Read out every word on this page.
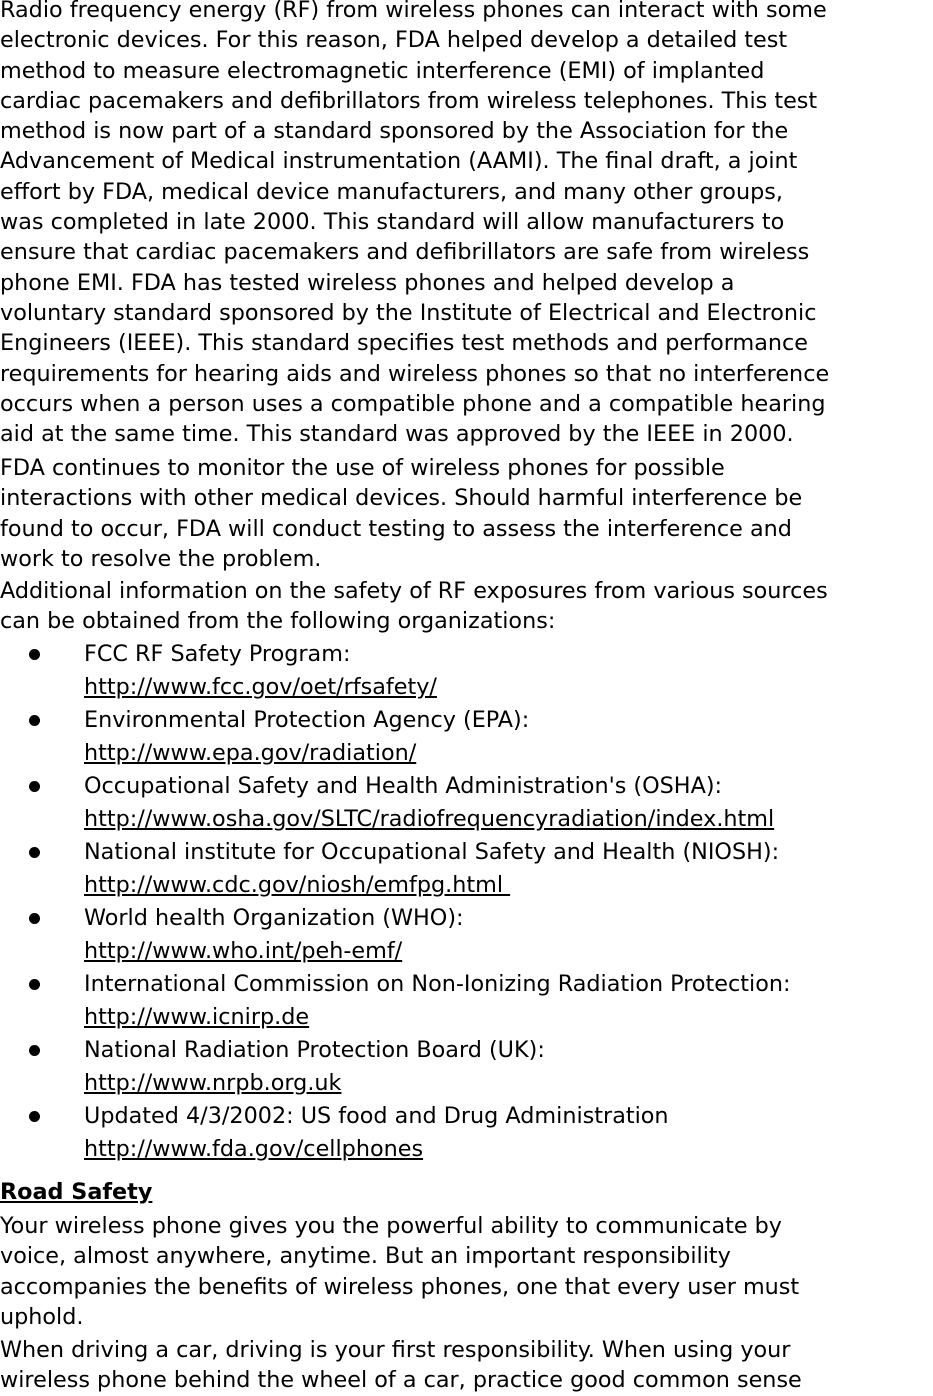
Radio frequency energy (RF) from wireless phones can interact with some
electronic devices. For this reason, FDA helped develop a detailed test
method to measure electromagnetic interference (EMI) of implanted
cardiac pacemakers and defibrillators from wireless telephones. This test
method is now part of a standard sponsored by the Association for the
Advancement of Medical instrumentation (AAMI). The final draft, a joint
effort by FDA, medical device manufacturers, and many other groups,
was completed in late 2000. This standard will allow manufacturers to
ensure that cardiac pacemakers and defibrillators are safe from wireless
phone EMI. FDA has tested wireless phones and helped develop a
voluntary standard sponsored by the Institute of Electrical and Electronic
Engineers (IEEE). This standard specifies test methods and performance
requirements for hearing aids and wireless phones so that no interference
occurs when a person uses a compatible phone and a compatible hearing
aid at the same time. This standard was approved by the IEEE in 2000.

FDA continues to monitor the use of wireless phones for possible
interactions with other medical devices. Should harmful interference be
found to occur, FDA will conduct testing to assess the interference and
work to resolve the problem.

Additional information on the safety of RF exposures from various sources
can be obtained from the following organizations:

FCC RF Safety Program:
http://www.fcc.gov/oet/rfsafety/
Environmental Protection Agency (EPA):
http://www.epa.gov/radiation/
Occupational Safety and Health Administration's (OSHA):
http://www.osha.gov/SLTC/radiofrequencyradiation/index.html
National institute for Occupational Safety and Health (NIOSH):
http://www.cdc.gov/niosh/emfpg.html
World health Organization (WHO):
http://www.who.int/peh-emf/
International Commission on Non-Ionizing Radiation Protection:
http://www.icnirp.de
National Radiation Protection Board (UK):
http://www.nrpb.org.uk
Updated 4/3/2002: US food and Drug Administration
http://www.fda.gov/cellphones
Road Safety

Your wireless phone gives you the powerful ability to communicate by
voice, almost anywhere, anytime. But an important responsibility
accompanies the benefits of wireless phones, one that every user must
uphold.

When driving a car, driving is your first responsibility. When using your
wireless phone behind the wheel of a car, practice good common sense
